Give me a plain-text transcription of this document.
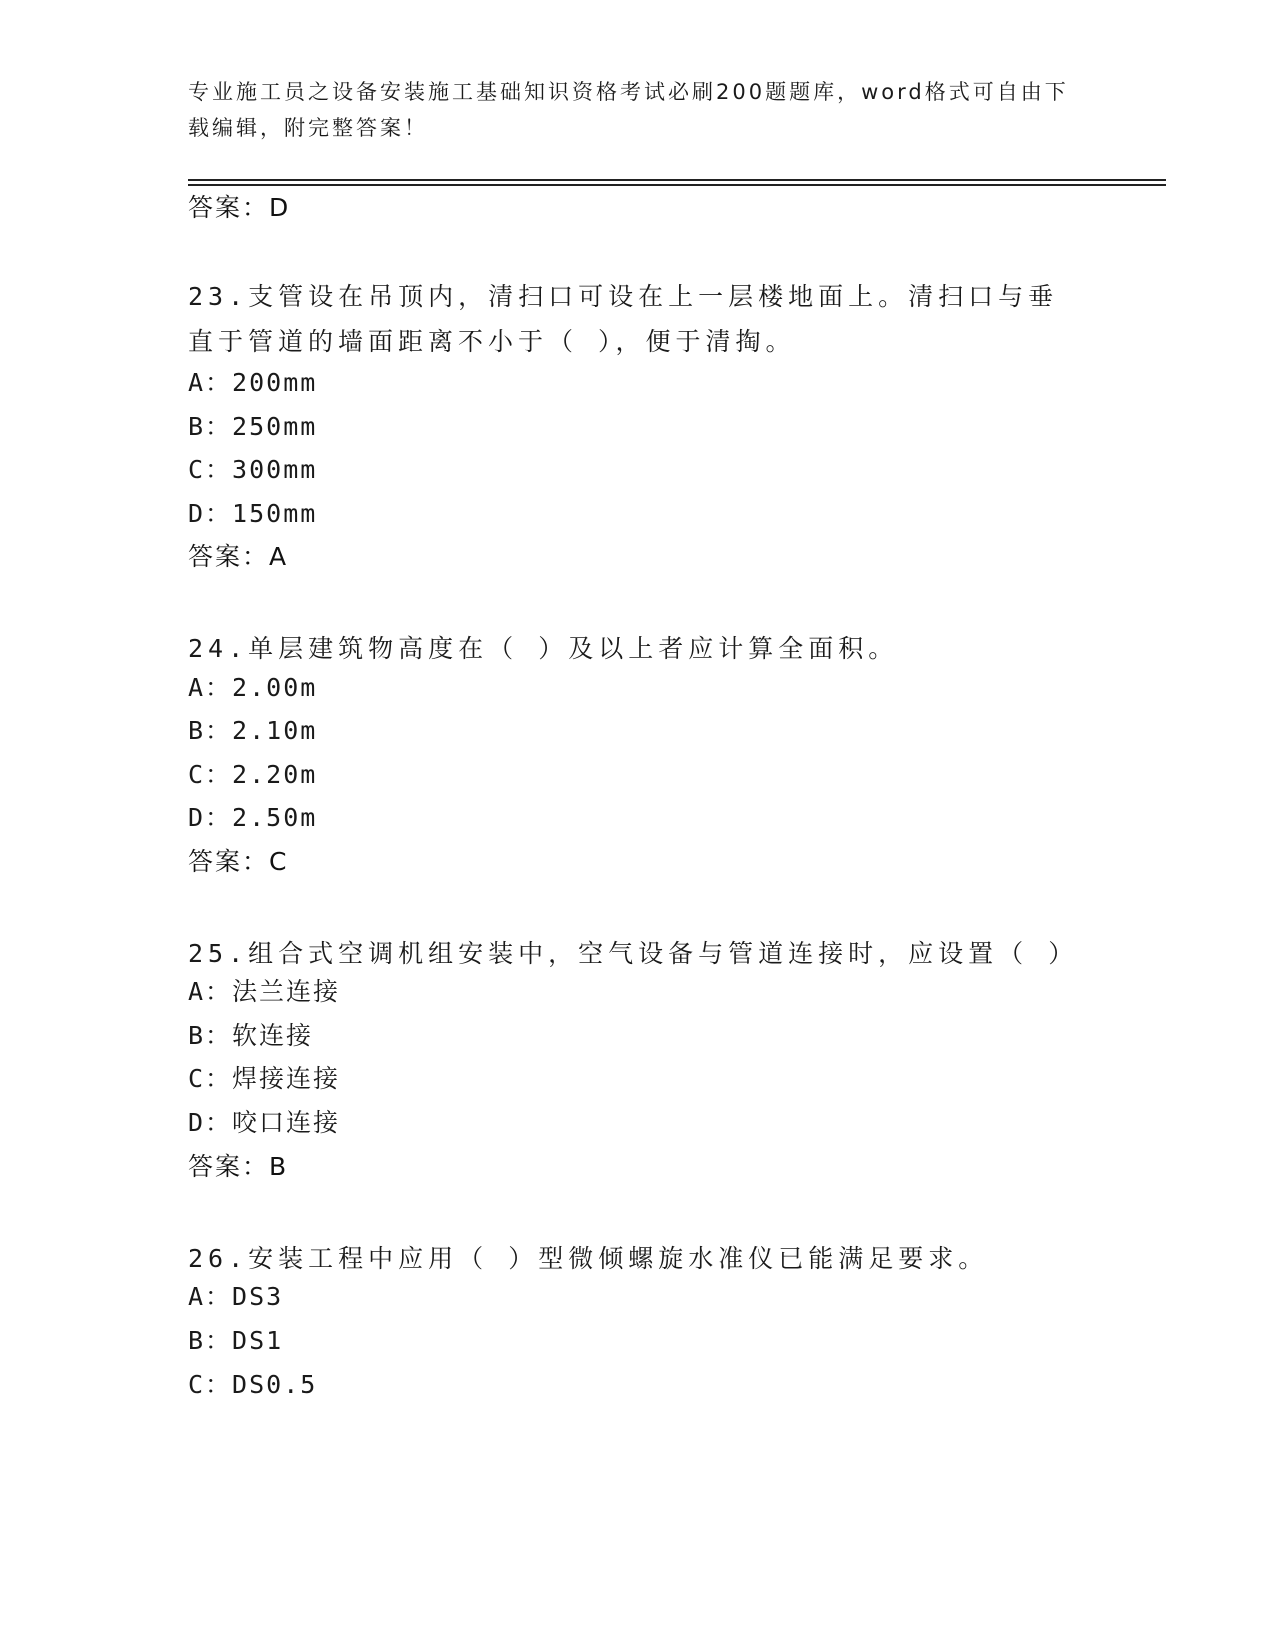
专业施工员之设备安装施工基础知识资格考试必刷200题题库，word格式可自由下载编辑，附完整答案！
答案：D
23.支管设在吊顶内，清扫口可设在上一层楼地面上。清扫口与垂直于管道的墙面距离不小于（ ），便于清掏。
A：200mm
B：250mm
C：300mm
D：150mm
答案：A
24.单层建筑物高度在（ ）及以上者应计算全面积。
A：2.00m
B：2.10m
C：2.20m
D：2.50m
答案：C
25.组合式空调机组安装中，空气设备与管道连接时，应设置（ ）
A：法兰连接
B：软连接
C：焊接连接
D：咬口连接
答案：B
26.安装工程中应用（ ）型微倾螺旋水准仪已能满足要求。
A：DS3
B：DS1
C：DS0.5
